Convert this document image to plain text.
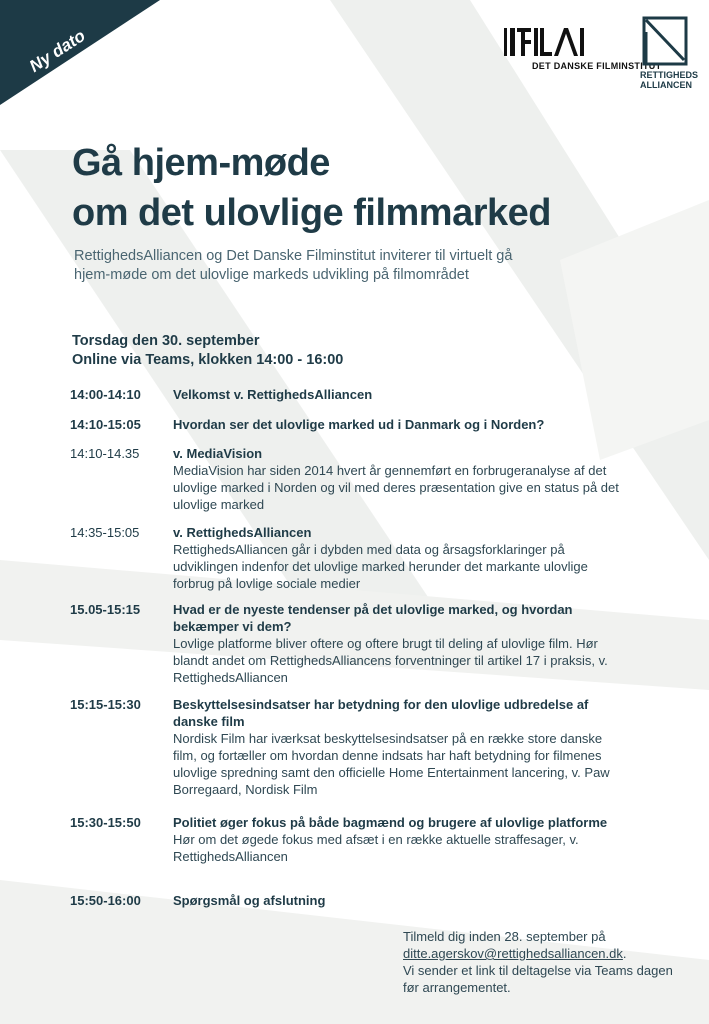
Ny dato	DET DANSKE FILMINSTITUT
RETTIGHEDS
ALLIANCEN
Gå hjem-møde
om det ulovlige filmmarked
RettighedsAlliancen og Det Danske Filminstitut inviterer til virtuelt gå hjem-møde om det ulovlige markeds udvikling på filmområdet
Torsdag den 30. september
Online via Teams, klokken 14:00 - 16:00
14:00-14:10	Velkomst v. RettighedsAlliancen
14:10-15:05	Hvordan ser det ulovlige marked ud i Danmark og i Norden?
14:10-14.35	v. MediaVision
MediaVision har siden 2014 hvert år gennemført en forbrugeranalyse af det ulovlige marked i Norden og vil med deres præsentation give en status på det ulovlige marked
14:35-15:05	v. RettighedsAlliancen
RettighedsAlliancen går i dybden med data og årsagsforklaringer på udviklingen indenfor det ulovlige marked herunder det markante ulovlige forbrug på lovlige sociale medier
15.05-15:15	Hvad er de nyeste tendenser på det ulovlige marked, og hvordan bekæmper vi dem?
Lovlige platforme bliver oftere og oftere brugt til deling af ulovlige film. Hør blandt andet om RettighedsAlliancens forventninger til artikel 17 i praksis, v. RettighedsAlliancen
15:15-15:30	Beskyttelsesindsatser har betydning for den ulovlige udbredelse af danske film
Nordisk Film har iværksat beskyttelsesindsatser på en række store danske film, og fortæller om hvordan denne indsats har haft betydning for filmenes ulovlige spredning samt den officielle Home Entertainment lancering, v. Paw Borregaard, Nordisk Film
15:30-15:50	Politiet øger fokus på både bagmænd og brugere af ulovlige platforme
Hør om det øgede fokus med afsæt i en række aktuelle straffesager, v. RettighedsAlliancen
15:50-16:00	Spørgsmål og afslutning
Tilmeld dig inden 28. september på
ditte.agerskov@rettighedsalliancen.dk.
Vi sender et link til deltagelse via Teams dagen før arrangementet.
